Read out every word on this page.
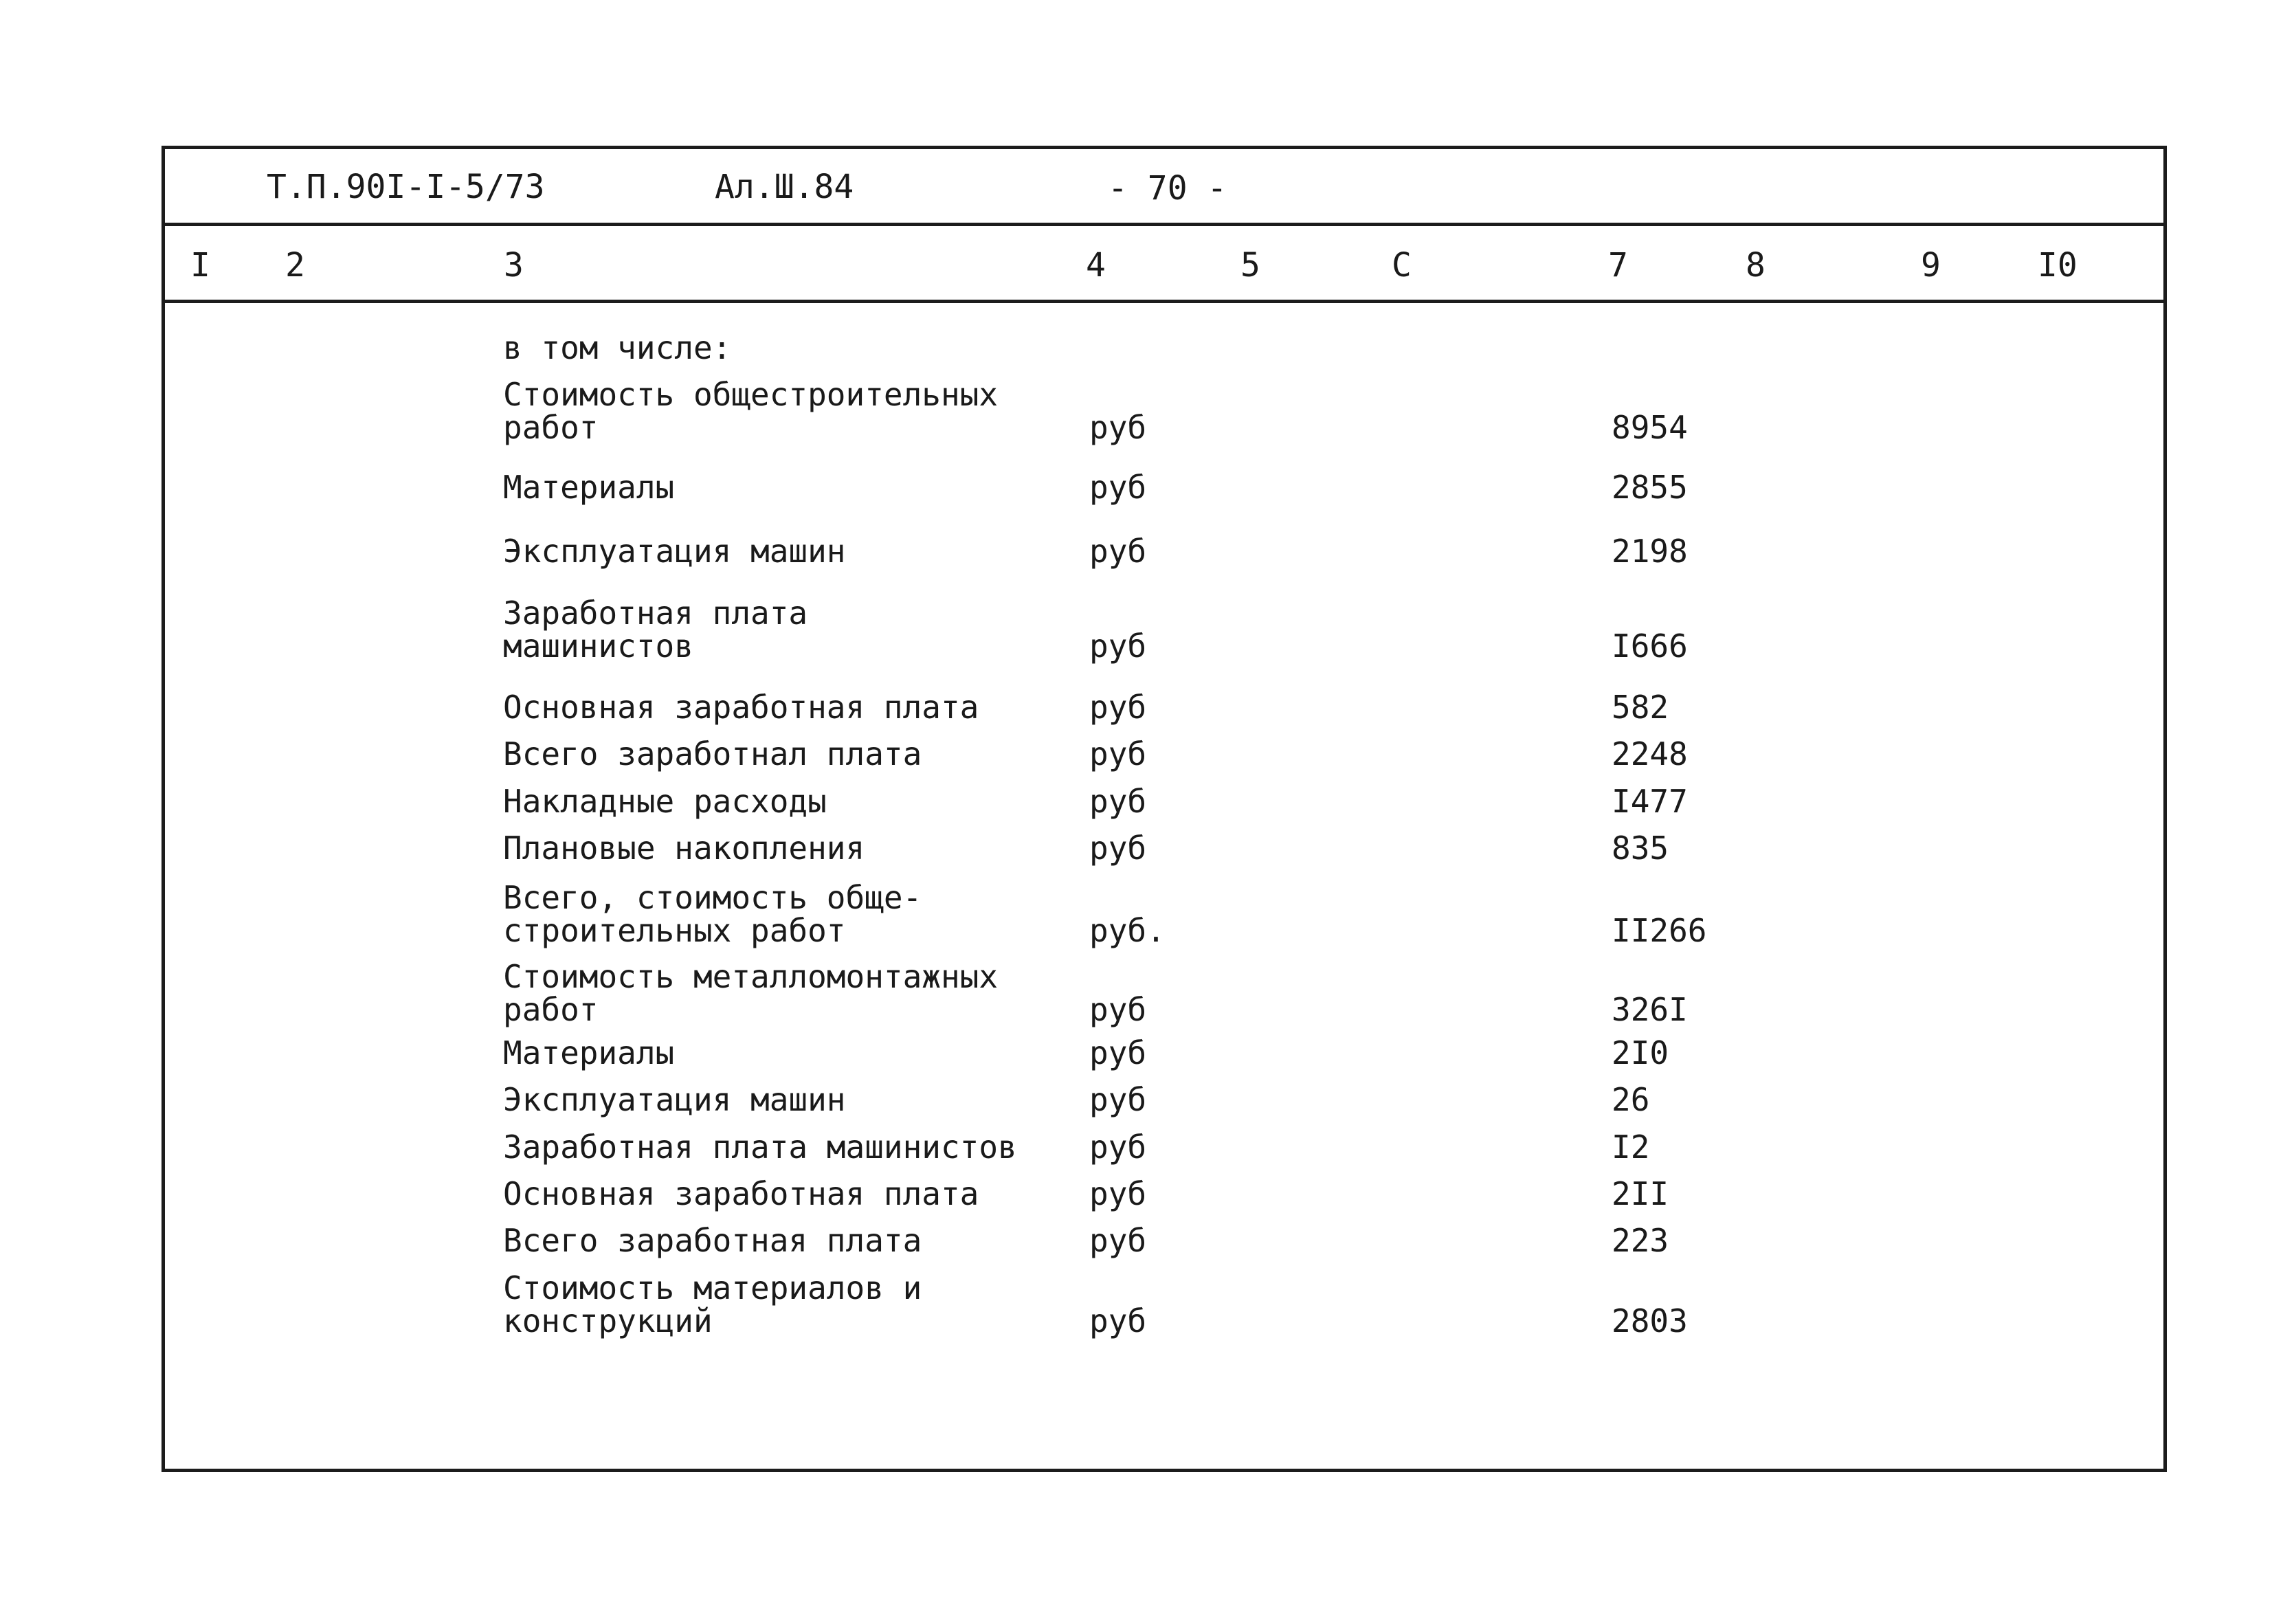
Т.П.90I-I-5/73	Ал.Ш.84	- 70 -
I 2	3	4	5	C	7	8	9	I0
в том числе:
Стоимость общестроительных
работ	руб	8954
Материалы	руб	2855
Эксплуатация машин	руб	2198
Заработная плата
машинистов	руб	I666
Основная заработная плата	руб	582
Всего заработнал плата	руб	2248
Накладные расходы	руб	I477
Плановые накопления	руб	835
Всего, стоимость обще-
строительных работ	руб.	II266
Стоимость металломонтажных
работ	руб	326I
Материалы	руб	2I0
Эксплуатация машин	руб	26
Заработная плата машинистов руб	I2
Основная заработная плата	руб	2II
Всего заработная плата	руб	223
Стоимость материалов и
конструкций	руб	2803
